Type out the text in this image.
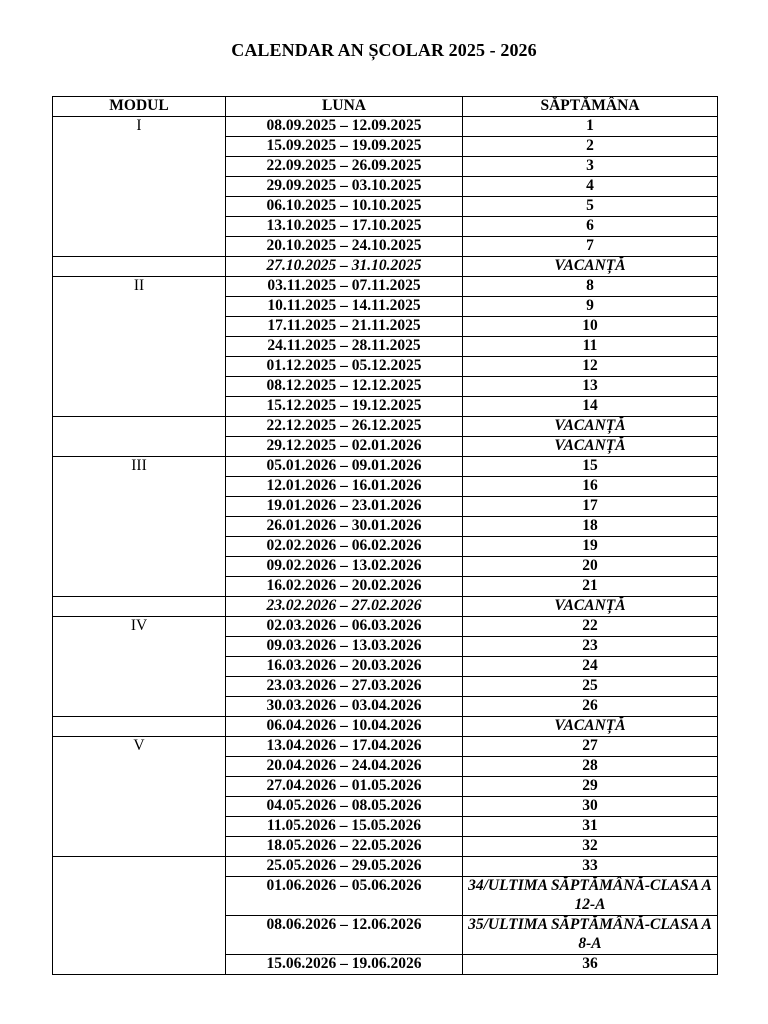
CALENDAR AN ȘCOLAR 2025 - 2026
MODUL	LUNA	SĂPTĂMÂNA
I	08.09.2025 – 12.09.2025	1
	15.09.2025 – 19.09.2025	2
	22.09.2025 – 26.09.2025	3
	29.09.2025 – 03.10.2025	4
	06.10.2025 – 10.10.2025	5
	13.10.2025 – 17.10.2025	6
	20.10.2025 – 24.10.2025	7
	27.10.2025 – 31.10.2025	VACANȚĂ
II	03.11.2025 – 07.11.2025	8
	10.11.2025 – 14.11.2025	9
	17.11.2025 – 21.11.2025	10
	24.11.2025 – 28.11.2025	11
	01.12.2025 – 05.12.2025	12
	08.12.2025 – 12.12.2025	13
	15.12.2025 – 19.12.2025	14
	22.12.2025 – 26.12.2025	VACANȚĂ
	29.12.2025 – 02.01.2026	VACANȚĂ
III	05.01.2026 – 09.01.2026	15
	12.01.2026 – 16.01.2026	16
	19.01.2026 – 23.01.2026	17
	26.01.2026 – 30.01.2026	18
	02.02.2026 – 06.02.2026	19
	09.02.2026 – 13.02.2026	20
	16.02.2026 – 20.02.2026	21
	23.02.2026 – 27.02.2026	VACANȚĂ
IV	02.03.2026 – 06.03.2026	22
	09.03.2026 – 13.03.2026	23
	16.03.2026 – 20.03.2026	24
	23.03.2026 – 27.03.2026	25
	30.03.2026 – 03.04.2026	26
	06.04.2026 – 10.04.2026	VACANȚĂ
V	13.04.2026 – 17.04.2026	27
	20.04.2026 – 24.04.2026	28
	27.04.2026 – 01.05.2026	29
	04.05.2026 – 08.05.2026	30
	11.05.2026 – 15.05.2026	31
	18.05.2026 – 22.05.2026	32
	25.05.2026 – 29.05.2026	33
	01.06.2026 – 05.06.2026	34/ULTIMA SĂPTĂMÂNĂ-CLASA A 12-A
	08.06.2026 – 12.06.2026	35/ULTIMA SĂPTĂMÂNĂ-CLASA A 8-A
	15.06.2026 – 19.06.2026	36
